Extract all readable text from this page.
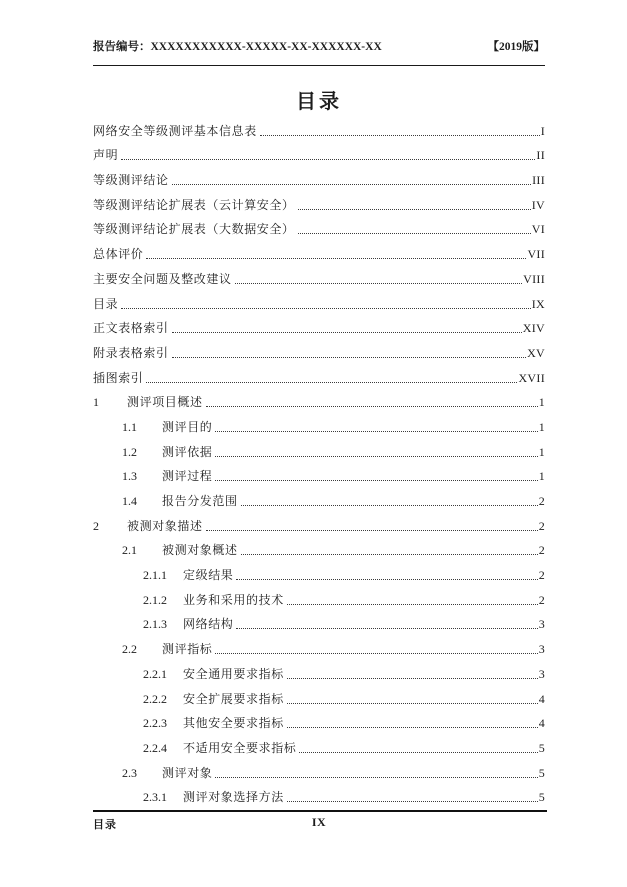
报告编号：XXXXXXXXXXX-XXXXX-XX-XXXXXX-XX	【2019版】
目录
网络安全等级测评基本信息表	I
声明	II
等级测评结论	III
等级测评结论扩展表（云计算安全）	IV
等级测评结论扩展表（大数据安全）	VI
总体评价	VII
主要安全问题及整改建议	VIII
目录	IX
正文表格索引	XIV
附录表格索引	XV
插图索引	XVII
1	测评项目概述	1
1.1	测评目的	1
1.2	测评依据	1
1.3	测评过程	1
1.4	报告分发范围	2
2	被测对象描述	2
2.1	被测对象概述	2
2.1.1	定级结果	2
2.1.2	业务和采用的技术	2
2.1.3	网络结构	3
2.2	测评指标	3
2.2.1	安全通用要求指标	3
2.2.2	安全扩展要求指标	4
2.2.3	其他安全要求指标	4
2.2.4	不适用安全要求指标	5
2.3	测评对象	5
2.3.1	测评对象选择方法	5
目录	IX
